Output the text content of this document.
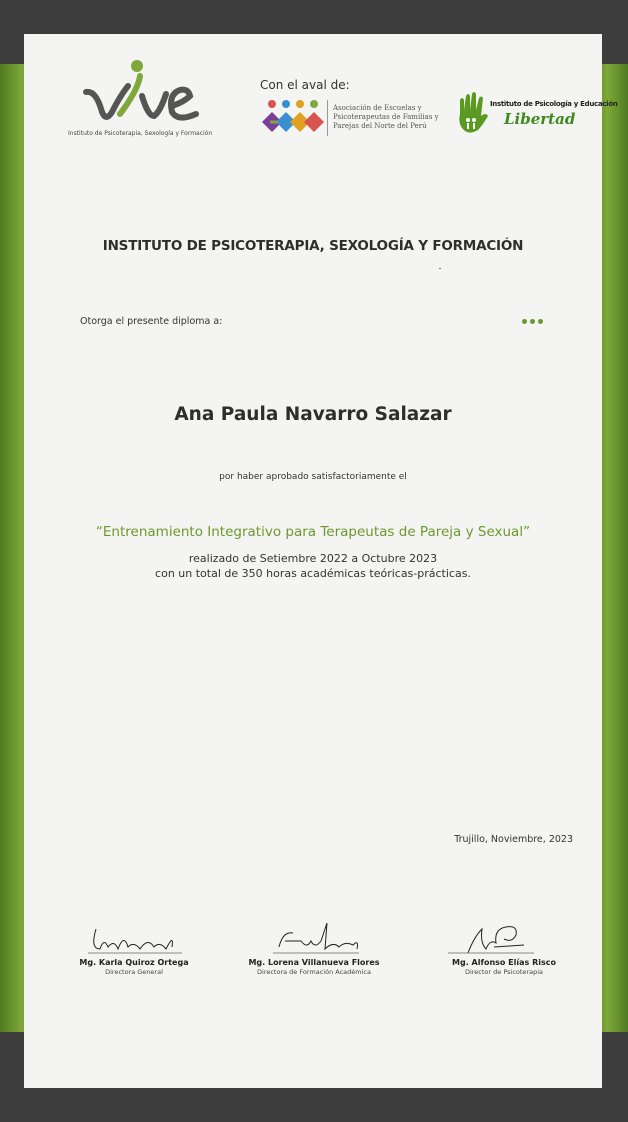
Instituto de Psicoterapia, Sexología y Formación
Con el aval de:
Asociación de Escuelas y Psicoterapeutas de Familias y Parejas del Norte del Perú
Instituto de Psicología y Educación
Libertad
INSTITUTO DE PSICOTERAPIA, SEXOLOGÍA Y FORMACIÓN
Otorga el presente diploma a:
Ana Paula Navarro Salazar
por haber aprobado satisfactoriamente el
“Entrenamiento Integrativo para Terapeutas de Pareja y Sexual”
realizado de Setiembre 2022 a Octubre 2023
con un total de 350 horas académicas teóricas-prácticas.
Trujillo, Noviembre, 2023
Mg. Karla Quiroz Ortega
Directora General
Mg. Lorena Villanueva Flores
Directora de Formación Académica
Mg. Alfonso Elías Risco
Director de Psicoterapia
